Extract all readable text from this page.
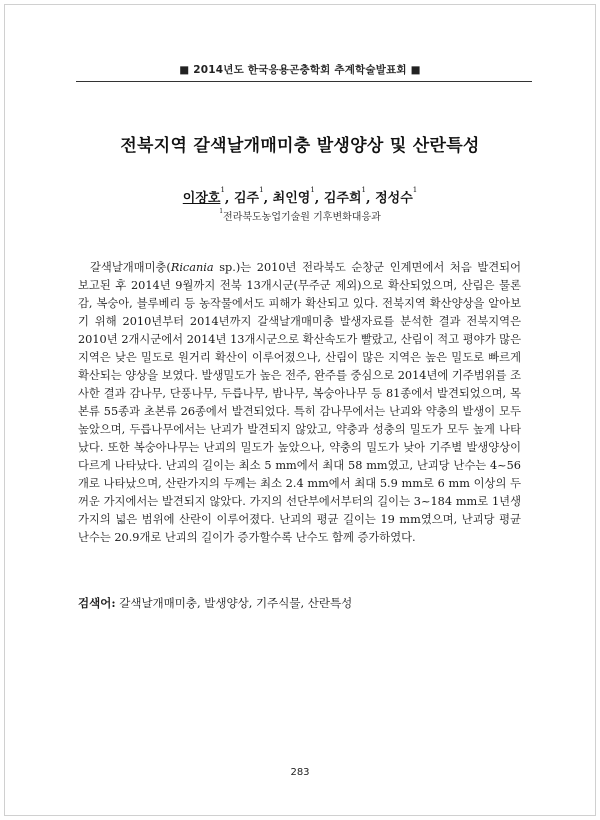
■ 2014년도 한국응용곤충학회 추계학술발표회 ■
전북지역 갈색날개매미충 발생양상 및 산란특성
이장호$^1$, 김주$^1$, 최인영$^1$, 김주희$^1$, 정성수$^1$
$^1$전라북도농업기술원 기후변화대응과

갈색날개매미충(Ricania sp.)는 2010년 전라북도 순창군 인계면에서 처음 발견되어 보고된 후 2014년 9월까지 전북 13개시군(무주군 제외)으로 확산되었으며, 산림은 물론 감, 복숭아, 블루베리 등 농작물에서도 피해가 확산되고 있다. 전북지역 확산양상을 알아보기 위해 2010년부터 2014년까지 갈색날개매미충 발생자료를 분석한 결과 전북지역은 2010년 2개시군에서 2014년 13개시군으로 확산속도가 빨랐고, 산림이 적고 평야가 많은 지역은 낮은 밀도로 원거리 확산이 이루어졌으나, 산림이 많은 지역은 높은 밀도로 빠르게 확산되는 양상을 보였다. 발생밀도가 높은 전주, 완주를 중심으로 2014년에 기주범위를 조사한 결과 감나무, 단풍나무, 두릅나무, 밤나무, 복숭아나무 등 81종에서 발견되었으며, 목본류 55종과 초본류 26종에서 발견되었다. 특히 감나무에서는 난괴와 약충의 발생이 모두 높았으며, 두릅나무에서는 난괴가 발견되지 않았고, 약충과 성충의 밀도가 모두 높게 나타났다. 또한 복숭아나무는 난괴의 밀도가 높았으나, 약충의 밀도가 낮아 기주별 발생양상이 다르게 나타났다. 난괴의 길이는 최소 5 mm에서 최대 58 mm였고, 난괴당 난수는 4~56개로 나타났으며, 산란가지의 두께는 최소 2.4 mm에서 최대 5.9 mm로 6 mm 이상의 두꺼운 가지에서는 발견되지 않았다. 가지의 선단부에서부터의 길이는 3~184 mm로 1년생 가지의 넓은 범위에 산란이 이루어졌다. 난괴의 평균 길이는 19 mm였으며, 난괴당 평균 난수는 20.9개로 난괴의 길이가 증가할수록 난수도 함께 증가하였다.

검색어: 갈색날개매미충, 발생양상, 기주식물, 산란특성
283
